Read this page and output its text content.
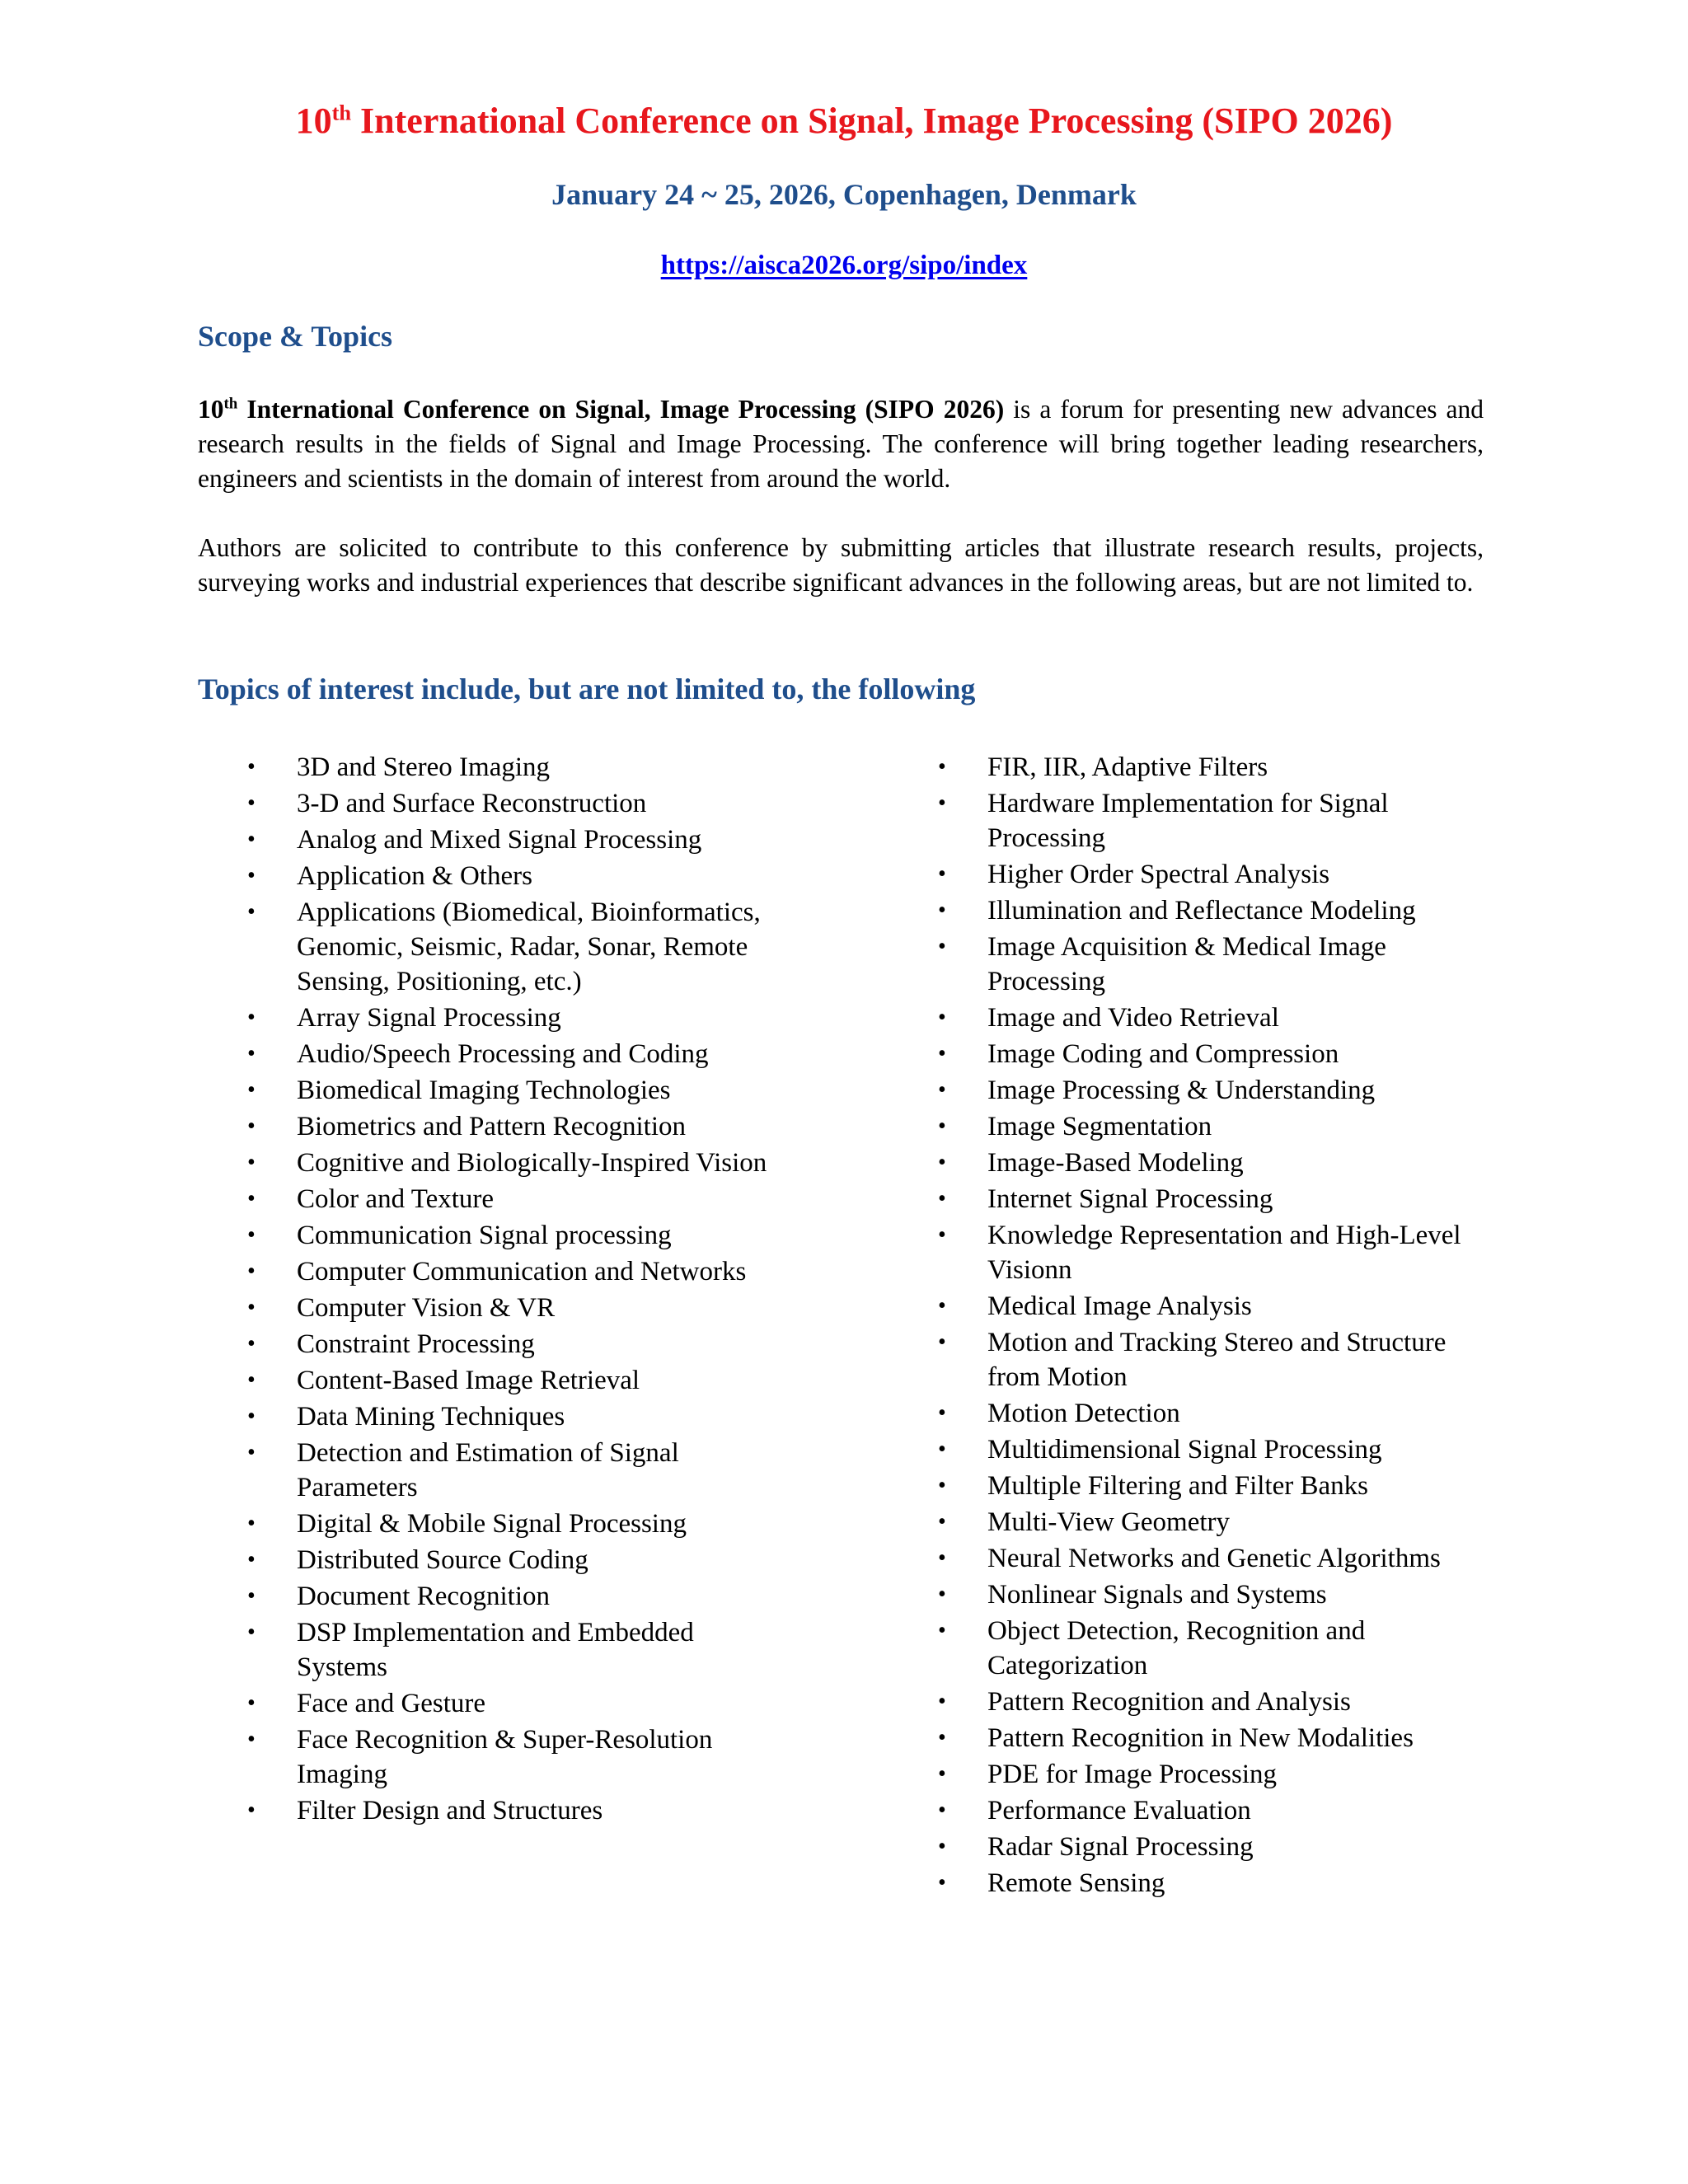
10th International Conference on Signal, Image Processing (SIPO 2026)
January 24 ~ 25, 2026, Copenhagen, Denmark
https://aisca2026.org/sipo/index
Scope & Topics
10th International Conference on Signal, Image Processing (SIPO 2026) is a forum for presenting new advances and research results in the fields of Signal and Image Processing. The conference will bring together leading researchers, engineers and scientists in the domain of interest from around the world.
Authors are solicited to contribute to this conference by submitting articles that illustrate research results, projects, surveying works and industrial experiences that describe significant advances in the following areas, but are not limited to.
Topics of interest include, but are not limited to, the following
•	3D and Stereo Imaging
•	3-D and Surface Reconstruction
•	Analog and Mixed Signal Processing
•	Application & Others
•	Applications (Biomedical, Bioinformatics, Genomic, Seismic, Radar, Sonar, Remote Sensing, Positioning, etc.)
•	Array Signal Processing
•	Audio/Speech Processing and Coding
•	Biomedical Imaging Technologies
•	Biometrics and Pattern Recognition
•	Cognitive and Biologically-Inspired Vision
•	Color and Texture
•	Communication Signal processing
•	Computer Communication and Networks
•	Computer Vision & VR
•	Constraint Processing
•	Content-Based Image Retrieval
•	Data Mining Techniques
•	Detection and Estimation of Signal Parameters
•	Digital & Mobile Signal Processing
•	Distributed Source Coding
•	Document Recognition
•	DSP Implementation and Embedded Systems
•	Face and Gesture
•	Face Recognition & Super-Resolution Imaging
•	Filter Design and Structures
•	FIR, IIR, Adaptive Filters
•	Hardware Implementation for Signal Processing
•	Higher Order Spectral Analysis
•	Illumination and Reflectance Modeling
•	Image Acquisition & Medical Image Processing
•	Image and Video Retrieval
•	Image Coding and Compression
•	Image Processing & Understanding
•	Image Segmentation
•	Image-Based Modeling
•	Internet Signal Processing
•	Knowledge Representation and High-Level Visionn
•	Medical Image Analysis
•	Motion and Tracking Stereo and Structure from Motion
•	Motion Detection
•	Multidimensional Signal Processing
•	Multiple Filtering and Filter Banks
•	Multi-View Geometry
•	Neural Networks and Genetic Algorithms
•	Nonlinear Signals and Systems
•	Object Detection, Recognition and Categorization
•	Pattern Recognition and Analysis
•	Pattern Recognition in New Modalities
•	PDE for Image Processing
•	Performance Evaluation
•	Radar Signal Processing
•	Remote Sensing
